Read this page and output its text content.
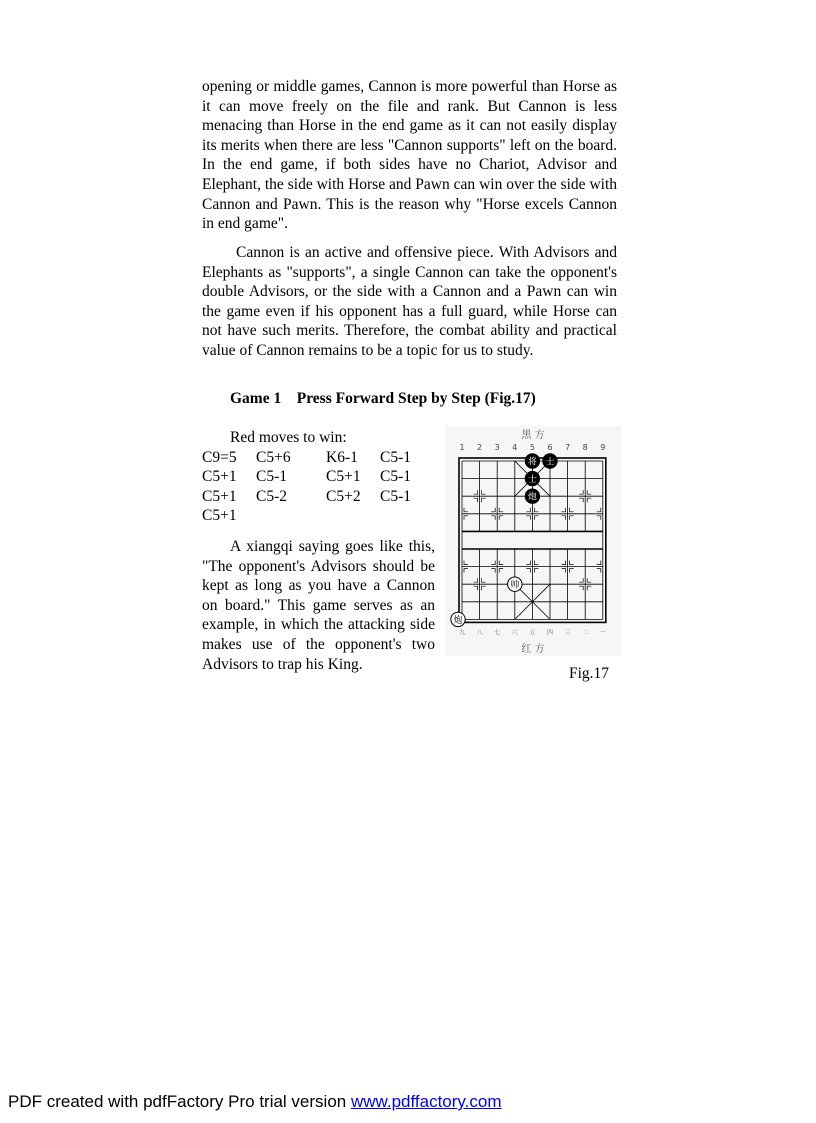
opening or middle games, Cannon is more powerful than Horse as it can move freely on the file and rank. But Cannon is less menacing than Horse in the end game as it can not easily display its merits when there are less "Cannon supports" left on the board. In the end game, if both sides have no Chariot, Advisor and Elephant, the side with Horse and Pawn can win over the side with Cannon and Pawn. This is the reason why "Horse excels Cannon in end game".

Cannon is an active and offensive piece. With Advisors and Elephants as "supports", a single Cannon can take the opponent's double Advisors, or the side with a Cannon and a Pawn can win the game even if his opponent has a full guard, while Horse can not have such merits. Therefore, the combat ability and practical value of Cannon remains to be a topic for us to study.

Game 1    Press Forward Step by Step (Fig.17)

Red moves to win:
C9=5	C5+6	K6-1	C5-1
C5+1	C5-1	C5+1	C5-1
C5+1	C5-2	C5+2	C5-1
C5+1

A xiangqi saying goes like this, "The opponent's Advisors should be kept as long as you have a Cannon on board." This game serves as an example, in which the attacking side makes use of the opponent's two Advisors to trap his King.

黑 方
红 方
1 2 3 4 5 6 7 8 9
九 八 七 六 五 四 三 二 一
将 士
士
炮
帅
炮

Fig.17

PDF created with pdfFactory Pro trial version www.pdffactory.com
